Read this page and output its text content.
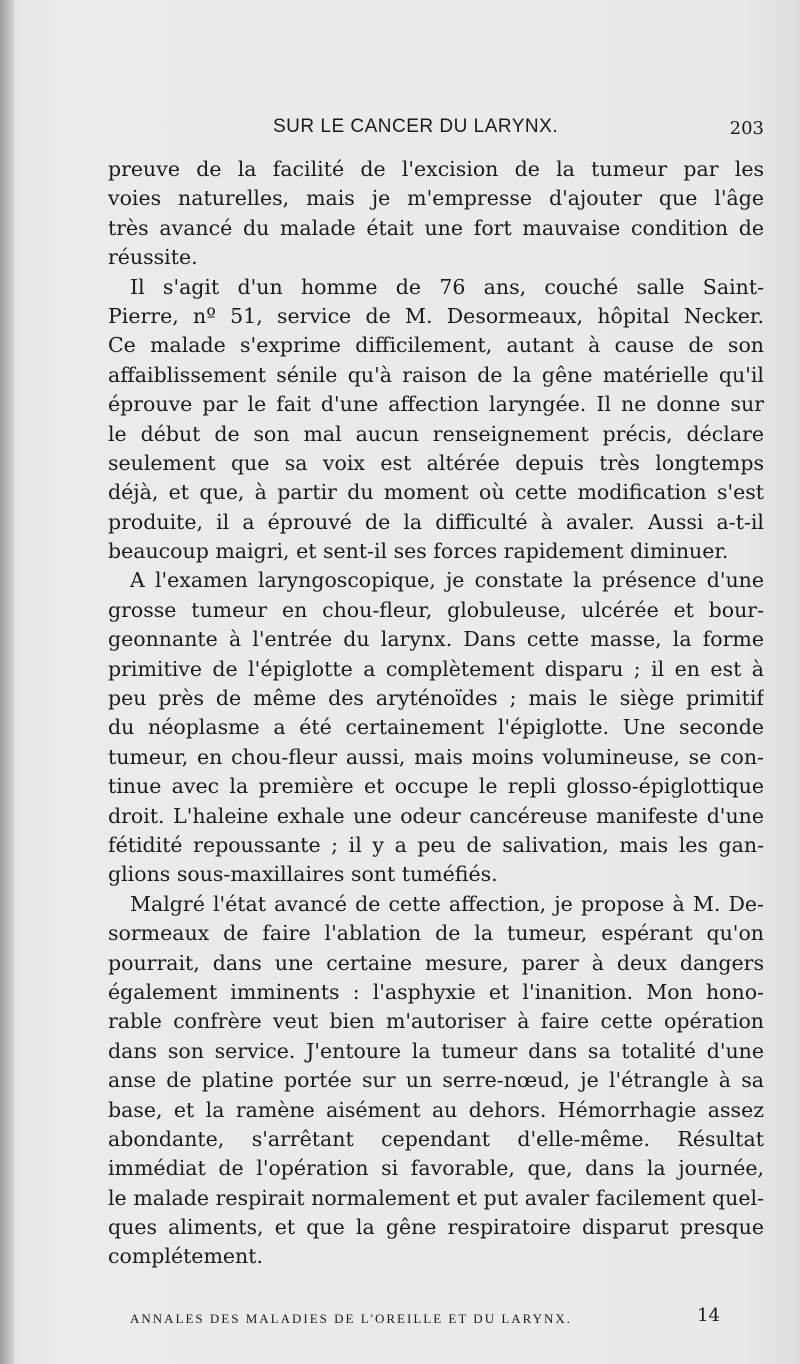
SUR LE CANCER DU LARYNX.	203
preuve de la facilité de l'excision de la tumeur par les
voies naturelles, mais je m'empresse d'ajouter que l'âge
très avancé du malade était une fort mauvaise condition de
réussite.
Il s'agit d'un homme de 76 ans, couché salle Saint-
Pierre, nº 51, service de M. Desormeaux, hôpital Necker.
Ce malade s'exprime difficilement, autant à cause de son
affaiblissement sénile qu'à raison de la gêne matérielle qu'il
éprouve par le fait d'une affection laryngée. Il ne donne sur
le début de son mal aucun renseignement précis, déclare
seulement que sa voix est altérée depuis très longtemps
déjà, et que, à partir du moment où cette modification s'est
produite, il a éprouvé de la difficulté à avaler. Aussi a-t-il
beaucoup maigri, et sent-il ses forces rapidement diminuer.
A l'examen laryngoscopique, je constate la présence d'une
grosse tumeur en chou-fleur, globuleuse, ulcérée et bour-
geonnante à l'entrée du larynx. Dans cette masse, la forme
primitive de l'épiglotte a complètement disparu ; il en est à
peu près de même des aryténoïdes ; mais le siège primitif
du néoplasme a été certainement l'épiglotte. Une seconde
tumeur, en chou-fleur aussi, mais moins volumineuse, se con-
tinue avec la première et occupe le repli glosso-épiglottique
droit. L'haleine exhale une odeur cancéreuse manifeste d'une
fétidité repoussante ; il y a peu de salivation, mais les gan-
glions sous-maxillaires sont tuméfiés.
Malgré l'état avancé de cette affection, je propose à M. De-
sormeaux de faire l'ablation de la tumeur, espérant qu'on
pourrait, dans une certaine mesure, parer à deux dangers
également imminents : l'asphyxie et l'inanition. Mon hono-
rable confrère veut bien m'autoriser à faire cette opération
dans son service. J'entoure la tumeur dans sa totalité d'une
anse de platine portée sur un serre-nœud, je l'étrangle à sa
base, et la ramène aisément au dehors. Hémorrhagie assez
abondante, s'arrêtant cependant d'elle-même. Résultat
immédiat de l'opération si favorable, que, dans la journée,
le malade respirait normalement et put avaler facilement quel-
ques aliments, et que la gêne respiratoire disparut presque
complétement.
ANNALES DES MALADIES DE L'OREILLE ET DU LARYNX.	14
